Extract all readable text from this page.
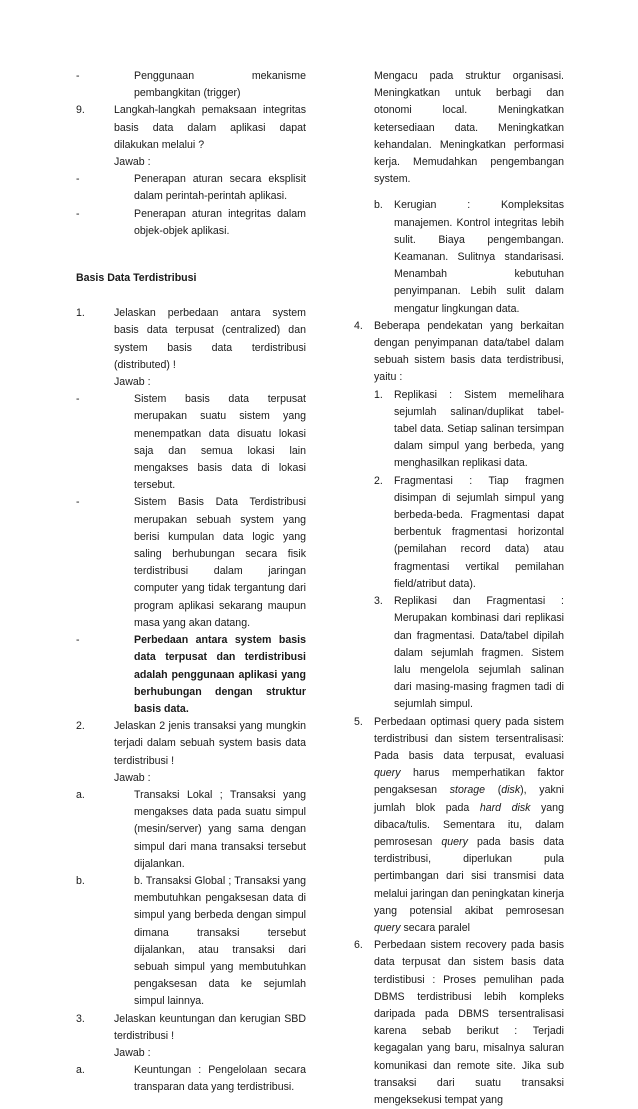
-	Penggunaan mekanisme pembangkitan (trigger)
9.	Langkah-langkah pemaksaan integritas basis data dalam aplikasi dapat dilakukan melalui ?
Jawab :
-	Penerapan aturan secara eksplisit dalam perintah-perintah aplikasi.
-	Penerapan aturan integritas dalam objek-objek aplikasi.
Basis Data Terdistribusi
1.	Jelaskan perbedaan antara system basis data terpusat (centralized) dan system basis data terdistribusi (distributed) !
Jawab :
-	Sistem basis data terpusat merupakan suatu sistem yang menempatkan data disuatu lokasi saja dan semua lokasi lain mengakses basis data di lokasi tersebut.
-	Sistem Basis Data Terdistribusi merupakan sebuah system yang berisi kumpulan data logic yang saling berhubungan secara fisik terdistribusi dalam jaringan computer yang tidak tergantung dari program aplikasi sekarang maupun masa yang akan datang.
-	Perbedaan antara system basis data terpusat dan terdistribusi adalah penggunaan aplikasi yang berhubungan dengan struktur basis data.
2.	Jelaskan 2 jenis transaksi yang mungkin terjadi dalam sebuah system basis data terdistribusi !
Jawab :
a.	Transaksi Lokal ; Transaksi yang mengakses data pada suatu simpul (mesin/server) yang sama dengan simpul dari mana transaksi tersebut dijalankan.
b.	b. Transaksi Global ; Transaksi yang membutuhkan pengaksesan data di simpul yang berbeda dengan simpul dimana transaksi tersebut dijalankan, atau transaksi dari sebuah simpul yang membutuhkan pengaksesan data ke sejumlah simpul lainnya.
3.	Jelaskan keuntungan dan kerugian SBD terdistribusi !
Jawab :
a.	Keuntungan : Pengelolaan secara transparan data yang terdistribusi.
Mengacu pada struktur organisasi. Meningkatkan untuk berbagi dan otonomi local. Meningkatkan ketersediaan data. Meningkatkan kehandalan. Meningkatkan performasi kerja. Memudahkan pengembangan system.
b.	Kerugian : Kompleksitas manajemen. Kontrol integritas lebih sulit. Biaya pengembangan. Keamanan. Sulitnya standarisasi. Menambah kebutuhan penyimpanan. Lebih sulit dalam mengatur lingkungan data.
4.	Beberapa pendekatan yang berkaitan dengan penyimpanan data/tabel dalam sebuah sistem basis data terdistribusi, yaitu :
1.	Replikasi : Sistem memelihara sejumlah salinan/duplikat tabel-tabel data. Setiap salinan tersimpan dalam simpul yang berbeda, yang menghasilkan replikasi data.
2.	Fragmentasi : Tiap fragmen disimpan di sejumlah simpul yang berbeda-beda. Fragmentasi dapat berbentuk fragmentasi horizontal (pemilahan record data) atau fragmentasi vertikal pemilahan field/atribut data).
3.	Replikasi dan Fragmentasi : Merupakan kombinasi dari replikasi dan fragmentasi. Data/tabel dipilah dalam sejumlah fragmen. Sistem lalu mengelola sejumlah salinan dari masing-masing fragmen tadi di sejumlah simpul.
5.	Perbedaan optimasi query pada sistem terdistribusi dan sistem tersentralisasi: Pada basis data terpusat, evaluasi query harus memperhatikan faktor pengaksesan storage (disk), yakni jumlah blok pada hard disk yang dibaca/tulis. Sementara itu, dalam pemrosesan query pada basis data terdistribusi, diperlukan pula pertimbangan dari sisi transmisi data melalui jaringan dan peningkatan kinerja yang potensial akibat pemrosesan query secara paralel
6.	Perbedaan sistem recovery pada basis data terpusat dan sistem basis data terdistibusi : Proses pemulihan pada DBMS terdistribusi lebih kompleks daripada pada DBMS tersentralisasi karena sebab berikut : Terjadi kegagalan yang baru, misalnya saluran komunikasi dan remote site. Jika sub transaksi dari suatu transaksi mengeksekusi tempat yang
